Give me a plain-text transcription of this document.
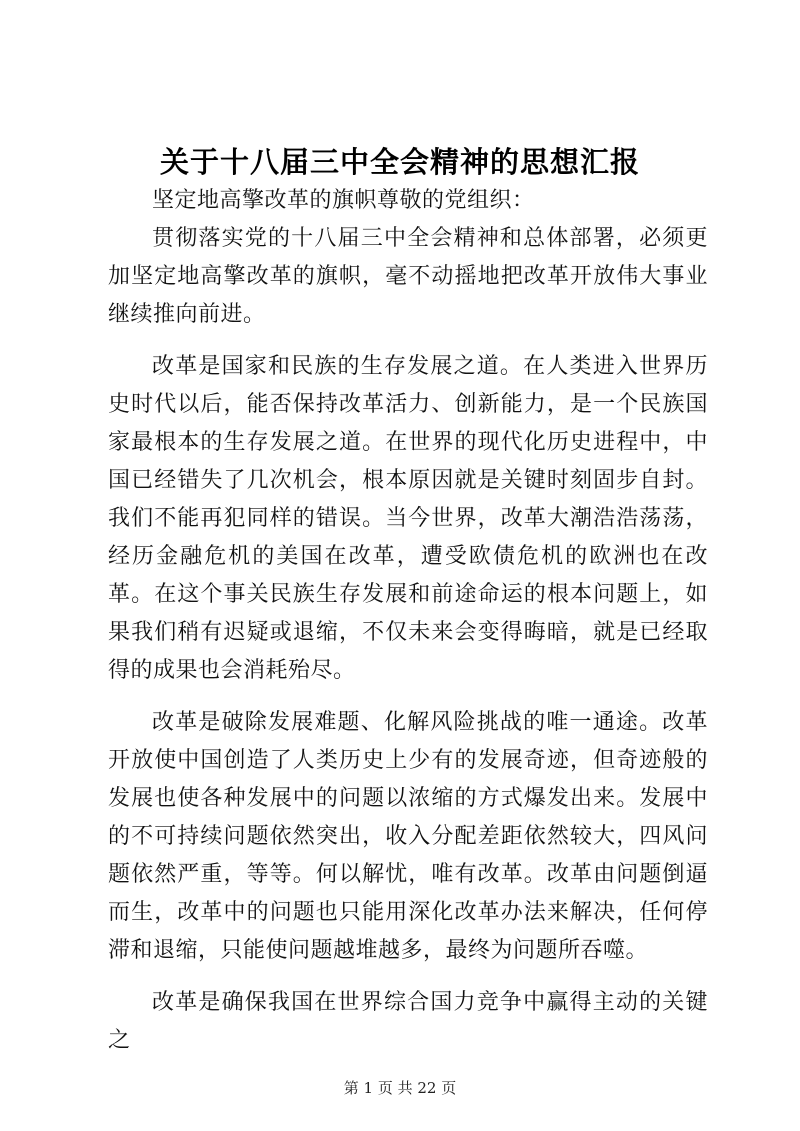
关于十八届三中全会精神的思想汇报

坚定地高擎改革的旗帜尊敬的党组织：

贯彻落实党的十八届三中全会精神和总体部署，必须更加坚定地高擎改革的旗帜，毫不动摇地把改革开放伟大事业继续推向前进。

改革是国家和民族的生存发展之道。在人类进入世界历史时代以后，能否保持改革活力、创新能力，是一个民族国家最根本的生存发展之道。在世界的现代化历史进程中，中国已经错失了几次机会，根本原因就是关键时刻固步自封。我们不能再犯同样的错误。当今世界，改革大潮浩浩荡荡，经历金融危机的美国在改革，遭受欧债危机的欧洲也在改革。在这个事关民族生存发展和前途命运的根本问题上，如果我们稍有迟疑或退缩，不仅未来会变得晦暗，就是已经取得的成果也会消耗殆尽。

改革是破除发展难题、化解风险挑战的唯一通途。改革开放使中国创造了人类历史上少有的发展奇迹，但奇迹般的发展也使各种发展中的问题以浓缩的方式爆发出来。发展中的不可持续问题依然突出，收入分配差距依然较大，四风问题依然严重，等等。何以解忧，唯有改革。改革由问题倒逼而生，改革中的问题也只能用深化改革办法来解决，任何停滞和退缩，只能使问题越堆越多，最终为问题所吞噬。

改革是确保我国在世界综合国力竞争中赢得主动的关键之

第 1 页 共 22 页
